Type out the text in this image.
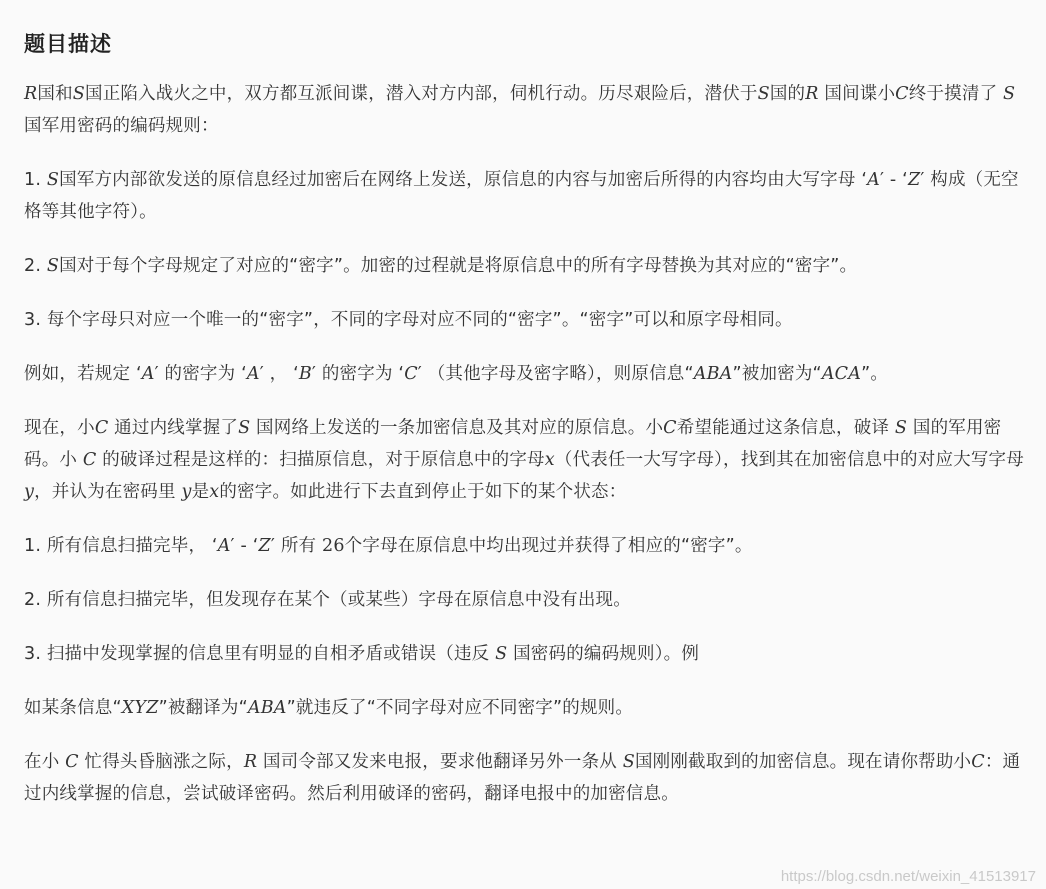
题目描述

R国和S国正陷入战火之中，双方都互派间谍，潜入对方内部，伺机行动。历尽艰险后，潜伏于S国的R 国间谍小C终于摸清了 S 国军用密码的编码规则：

1. S国军方内部欲发送的原信息经过加密后在网络上发送，原信息的内容与加密后所得的内容均由大写字母 ‘A′ - ‘Z′ 构成（无空格等其他字符）。

2. S国对于每个字母规定了对应的“密字”。加密的过程就是将原信息中的所有字母替换为其对应的“密字”。

3. 每个字母只对应一个唯一的“密字”，不同的字母对应不同的“密字”。“密字”可以和原字母相同。

例如，若规定 ‘A′ 的密字为 ‘A′ ， ‘B′ 的密字为 ‘C′ （其他字母及密字略），则原信息“ABA”被加密为“ACA”。

现在，小C 通过内线掌握了S 国网络上发送的一条加密信息及其对应的原信息。小C希望能通过这条信息，破译 S 国的军用密码。小 C 的破译过程是这样的：扫描原信息，对于原信息中的字母x（代表任一大写字母），找到其在加密信息中的对应大写字母y，并认为在密码里 y是x的密字。如此进行下去直到停止于如下的某个状态：

1. 所有信息扫描完毕， ‘A′ - ‘Z′ 所有 26个字母在原信息中均出现过并获得了相应的“密字”。

2. 所有信息扫描完毕，但发现存在某个（或某些）字母在原信息中没有出现。

3. 扫描中发现掌握的信息里有明显的自相矛盾或错误（违反 S 国密码的编码规则）。例

如某条信息“XYZ”被翻译为“ABA”就违反了“不同字母对应不同密字”的规则。

在小 C 忙得头昏脑涨之际，R 国司令部又发来电报，要求他翻译另外一条从 S国刚刚截取到的加密信息。现在请你帮助小C：通过内线掌握的信息，尝试破译密码。然后利用破译的密码，翻译电报中的加密信息。

https://blog.csdn.net/weixin_41513917
